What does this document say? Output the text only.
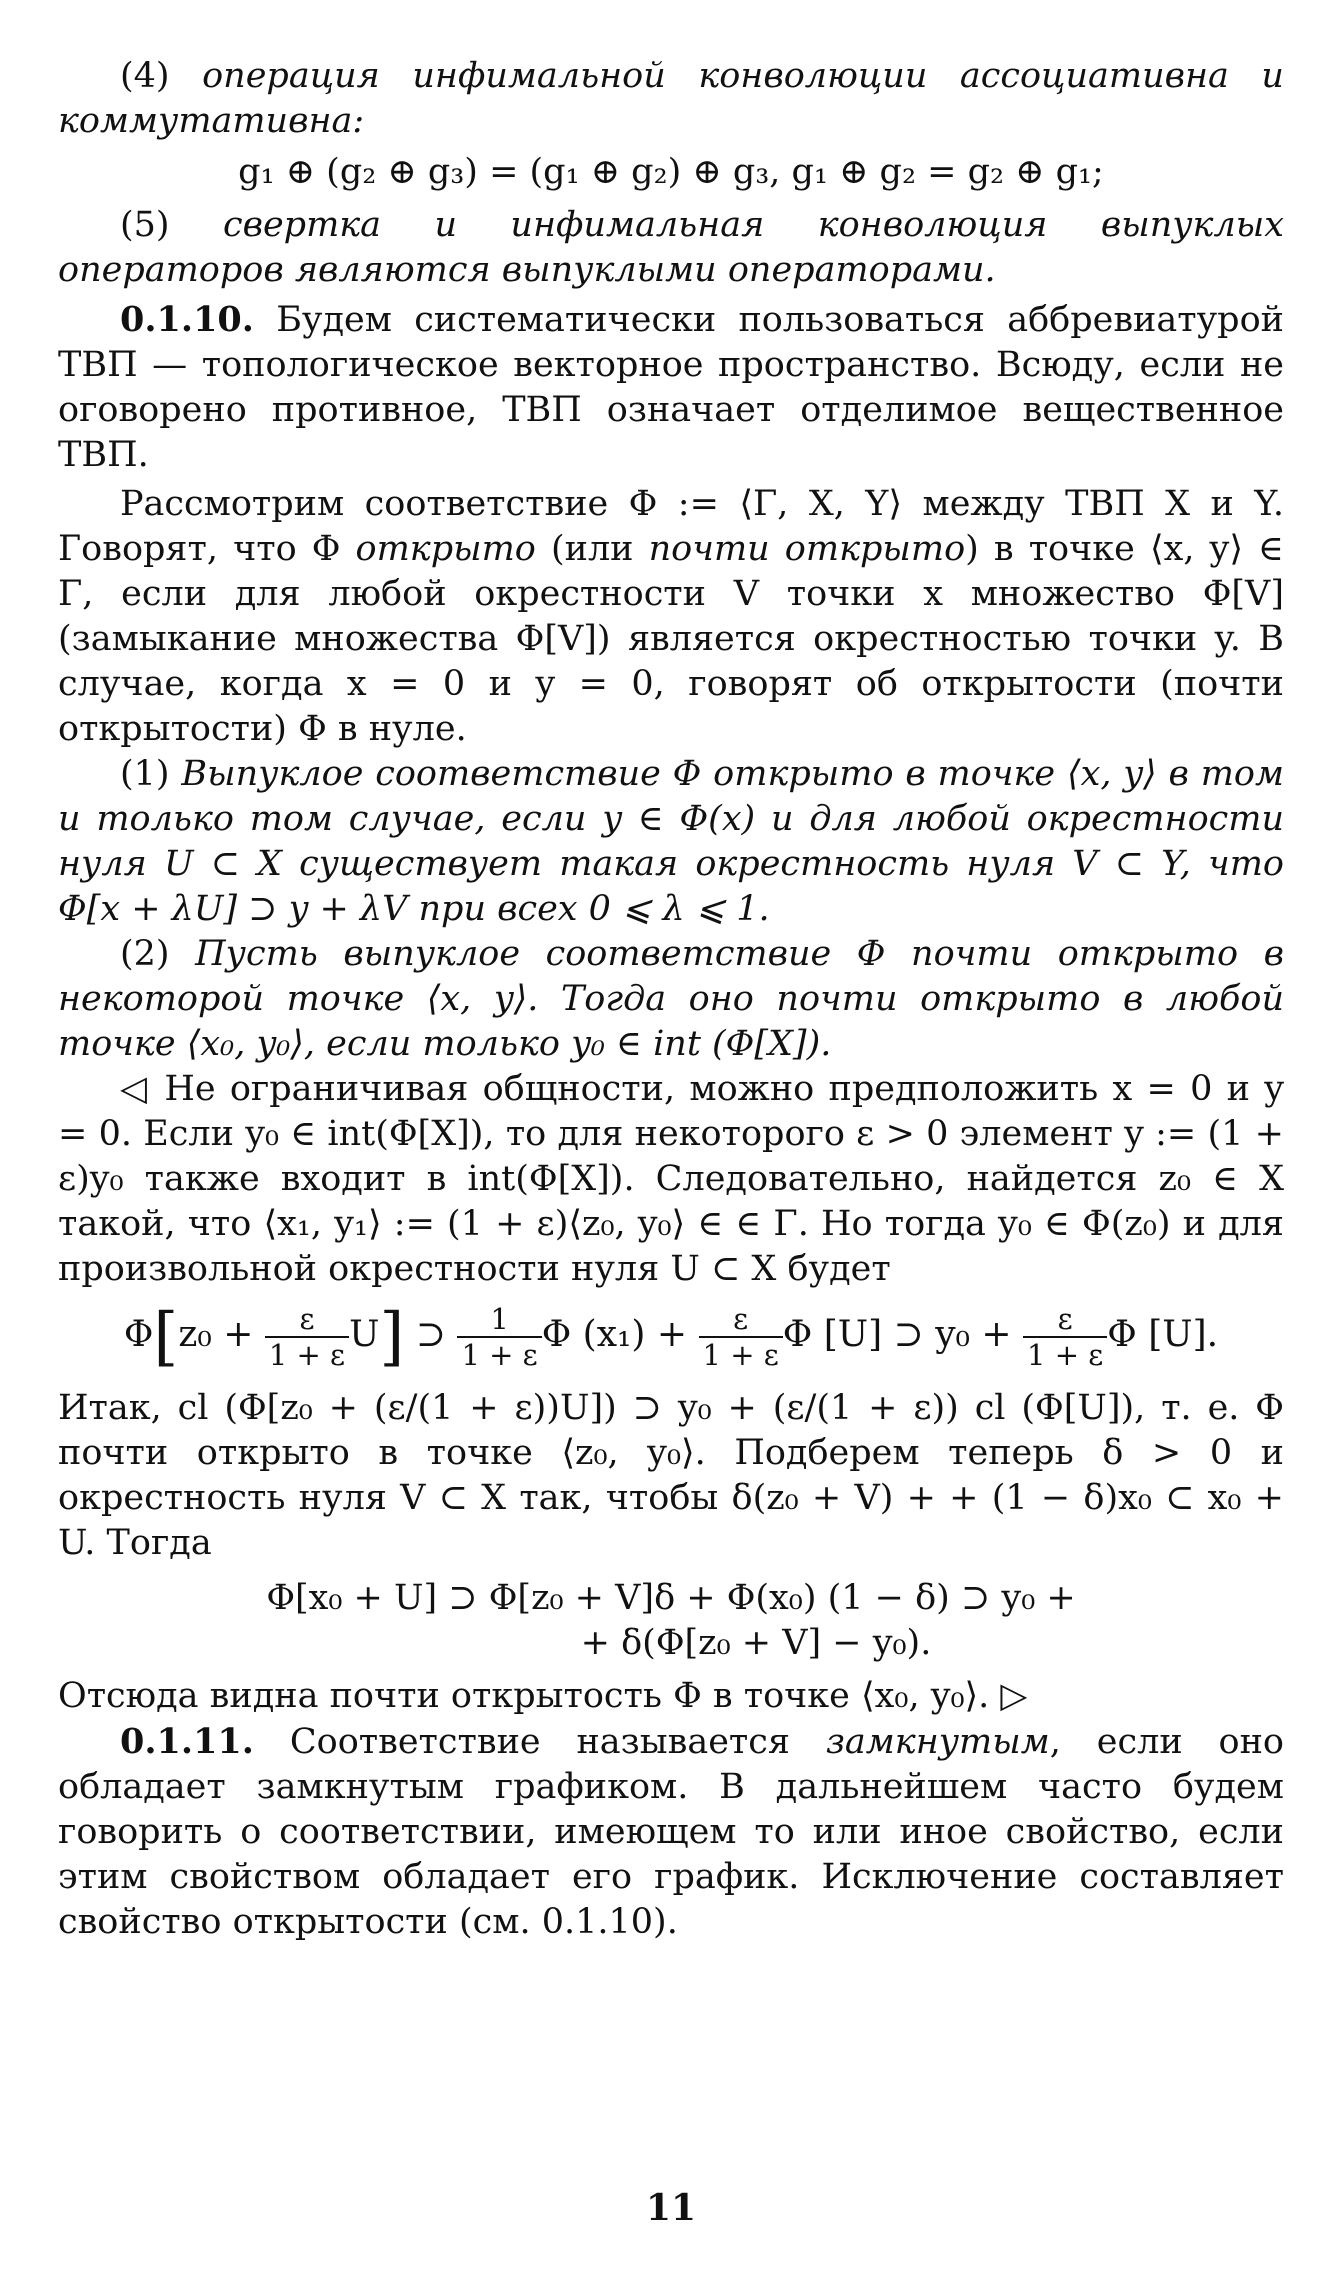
(4) операция инфимальной конволюции ассоциативна и коммутативна:

g₁ ⊕ (g₂ ⊕ g₃) = (g₁ ⊕ g₂) ⊕ g₃, g₁ ⊕ g₂ = g₂ ⊕ g₁;

(5) свертка и инфимальная конволюция выпуклых операторов являются выпуклыми операторами.

0.1.10. Будем систематически пользоваться аббревиатурой ТВП — топологическое векторное пространство. Всюду, если не оговорено противное, ТВП означает отделимое вещественное ТВП.

Рассмотрим соответствие Φ := ⟨Γ, X, Y⟩ между ТВП X и Y. Говорят, что Φ открыто (или почти открыто) в точке ⟨x, y⟩ ∈ Γ, если для любой окрестности V точки x множество Φ[V] (замыкание множества Φ[V]) является окрестностью точки y. В случае, когда x = 0 и y = 0, говорят об открытости (почти открытости) Φ в нуле.

(1) Выпуклое соответствие Φ открыто в точке ⟨x, y⟩ в том и только том случае, если y ∈ Φ(x) и для любой окрестности нуля U ⊂ X существует такая окрестность нуля V ⊂ Y, что Φ[x + λU] ⊃ y + λV при всех 0 ⩽ λ ⩽ 1.

(2) Пусть выпуклое соответствие Φ почти открыто в некоторой точке ⟨x, y⟩. Тогда оно почти открыто в любой точке ⟨x₀, y₀⟩, если только y₀ ∈ int (Φ[X]).

◁ Не ограничивая общности, можно предположить x = 0 и y = 0. Если y₀ ∈ int(Φ[X]), то для некоторого ε > 0 элемент y := (1 + ε)y₀ также входит в int(Φ[X]). Следовательно, найдется z₀ ∈ X такой, что ⟨x₁, y₁⟩ := (1 + ε)⟨z₀, y₀⟩ ∈ ∈ Γ. Но тогда y₀ ∈ Φ(z₀) и для произвольной окрестности нуля U ⊂ X будет

$\Phi[z_0 + \frac{\varepsilon}{1 + \varepsilon} U]$ ⊃ $\frac{1}{1 + \varepsilon}$ Φ $(x_1) + \frac{\varepsilon}{1 + \varepsilon}$ Φ [U] ⊃ $y_0 + \frac{\varepsilon}{1 + \varepsilon}$ Φ [U].

Итак, cl (Φ[z₀ + (ε/(1 + ε))U]) ⊃ y₀ + (ε/(1 + ε)) cl (Φ[U]), т. е. Φ почти открыто в точке ⟨z₀, y₀⟩. Подберем теперь δ > 0 и окрестность нуля V ⊂ X так, чтобы δ(z₀ + V) + + (1 − δ)x₀ ⊂ x₀ + U. Тогда

Φ[x₀ + U] ⊃ Φ[z₀ + V]δ + Φ(x₀) (1 − δ) ⊃ y₀ +
+ δ(Φ[z₀ + V] − y₀).

Отсюда видна почти открытость Φ в точке ⟨x₀, y₀⟩. ▷

0.1.11. Соответствие называется замкнутым, если оно обладает замкнутым графиком. В дальнейшем часто будем говорить о соответствии, имеющем то или иное свойство, если этим свойством обладает его график. Исключение составляет свойство открытости (см. 0.1.10).

11
